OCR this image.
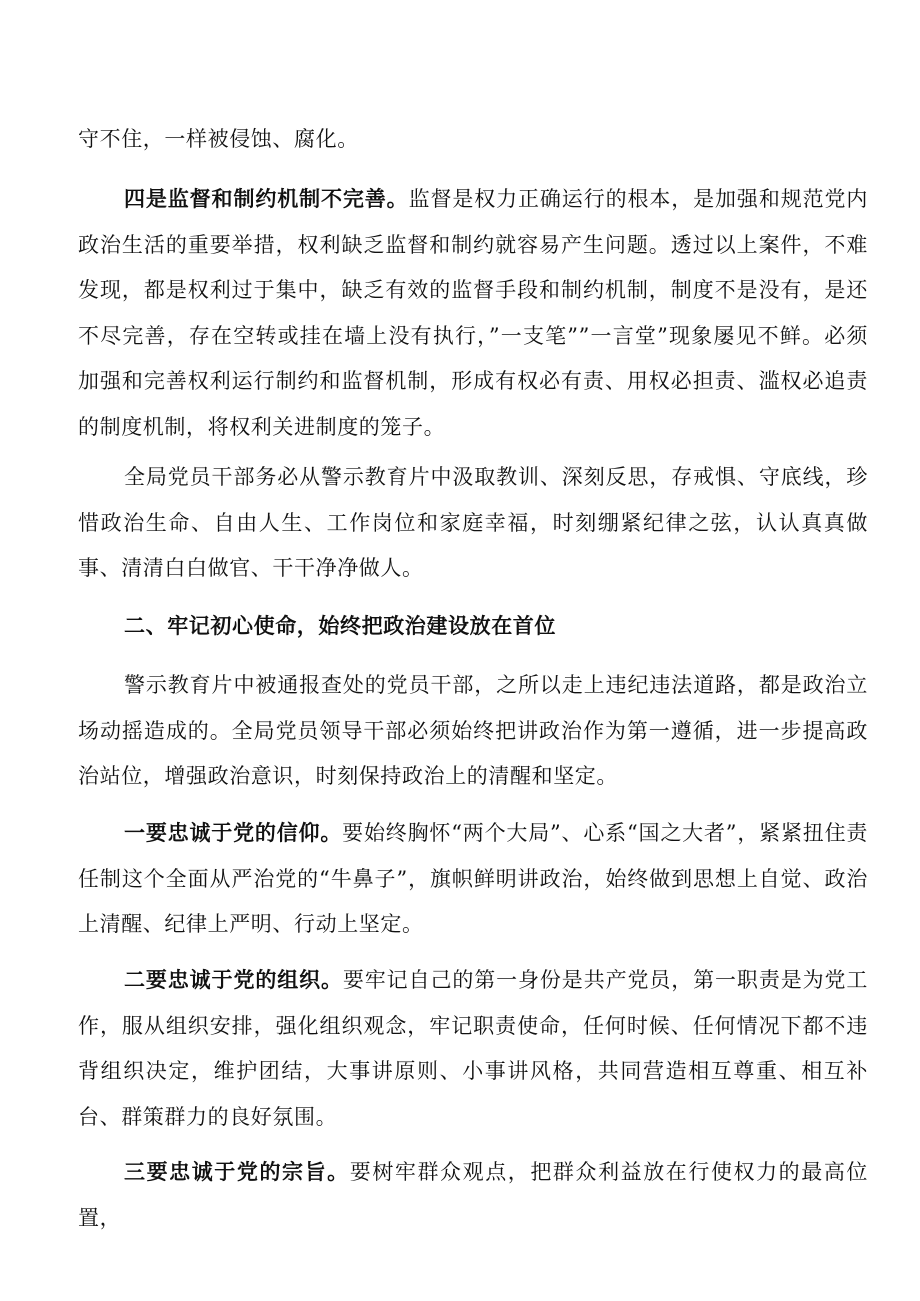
守不住，一样被侵蚀、腐化。

四是监督和制约机制不完善。监督是权力正确运行的根本，是加强和规范党内政治生活的重要举措，权利缺乏监督和制约就容易产生问题。透过以上案件，不难发现，都是权利过于集中，缺乏有效的监督手段和制约机制，制度不是没有，是还不尽完善，存在空转或挂在墙上没有执行，”一支笔””一言堂”现象屡见不鲜。必须加强和完善权利运行制约和监督机制，形成有权必有责、用权必担责、滥权必追责的制度机制，将权利关进制度的笼子。

全局党员干部务必从警示教育片中汲取教训、深刻反思，存戒惧、守底线，珍惜政治生命、自由人生、工作岗位和家庭幸福，时刻绷紧纪律之弦，认认真真做事、清清白白做官、干干净净做人。

二、牢记初心使命，始终把政治建设放在首位

警示教育片中被通报查处的党员干部，之所以走上违纪违法道路，都是政治立场动摇造成的。全局党员领导干部必须始终把讲政治作为第一遵循，进一步提高政治站位，增强政治意识，时刻保持政治上的清醒和坚定。

一要忠诚于党的信仰。要始终胸怀“两个大局”、心系“国之大者”，紧紧扭住责任制这个全面从严治党的“牛鼻子”，旗帜鲜明讲政治，始终做到思想上自觉、政治上清醒、纪律上严明、行动上坚定。

二要忠诚于党的组织。要牢记自己的第一身份是共产党员，第一职责是为党工作，服从组织安排，强化组织观念，牢记职责使命，任何时候、任何情况下都不违背组织决定，维护团结，大事讲原则、小事讲风格，共同营造相互尊重、相互补台、群策群力的良好氛围。

三要忠诚于党的宗旨。要树牢群众观点，把群众利益放在行使权力的最高位置，
